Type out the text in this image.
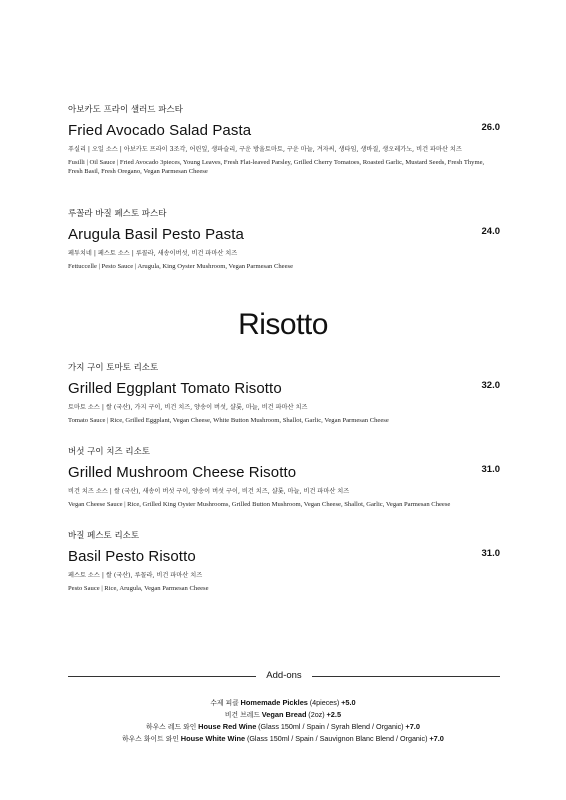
아보카도 프라이 샐러드 파스타
Fried Avocado Salad Pasta	26.0
푸실리 | 오일 소스 | 아보카도 프라이 3조각, 어린잎, 생파슬리, 구운 방울토마토, 구운 마늘, 겨자씨, 생타임, 생바질, 생오레가노, 비건 파마산 치즈
Fusilli | Oil Sauce | Fried Avocado 3pieces, Young Leaves, Fresh Flat-leaved Parsley, Grilled Cherry Tomatoes, Roasted Garlic, Mustard Seeds, Fresh Thyme, Fresh Basil, Fresh Oregano, Vegan Parmesan Cheese
루꼴라 바질 페스토 파스타
Arugula Basil Pesto Pasta	24.0
페투치네 | 페스토 소스 | 루꼴라, 새송이버섯, 비건 파마산 치즈
Fettuccelle | Pesto Sauce | Arugula, King Oyster Mushroom, Vegan Parmesan Cheese
Risotto
가지 구이 토마토 리소토
Grilled Eggplant Tomato Risotto	32.0
토마토 소스 | 쌀 (국산), 가지 구이, 비건 치즈, 양송이 버섯, 샬롯, 마늘, 비건 파마산 치즈
Tomato Sauce | Rice, Grilled Eggplant, Vegan Cheese, White Button Mushroom, Shallot, Garlic, Vegan Parmesan Cheese
버섯 구이 치즈 리소토
Grilled Mushroom Cheese Risotto	31.0
비건 치즈 소스 | 쌀 (국산), 새송이 버섯 구이, 양송이 버섯 구이, 비건 치즈, 샬롯, 마늘, 비건 파마산 치즈
Vegan Cheese Sauce | Rice, Grilled King Oyster Mushrooms, Grilled Button Mushroom, Vegan Cheese, Shallot, Garlic, Vegan Parmesan Cheese
바질 페스토 리소토
Basil Pesto Risotto	31.0
페스토 소스 | 쌀 (국산), 루꼴라, 비건 파마산 치즈
Pesto Sauce | Rice, Arugula, Vegan Parmesan Cheese
Add-ons
수제 피클 Homemade Pickles (4pieces) +5.0
비건 브레드 Vegan Bread (2oz) +2.5
하우스 레드 와인 House Red Wine (Glass 150ml / Spain / Syrah Blend / Organic) +7.0
하우스 화이트 와인 House White Wine (Glass 150ml / Spain / Sauvignon Blanc Blend / Organic) +7.0
